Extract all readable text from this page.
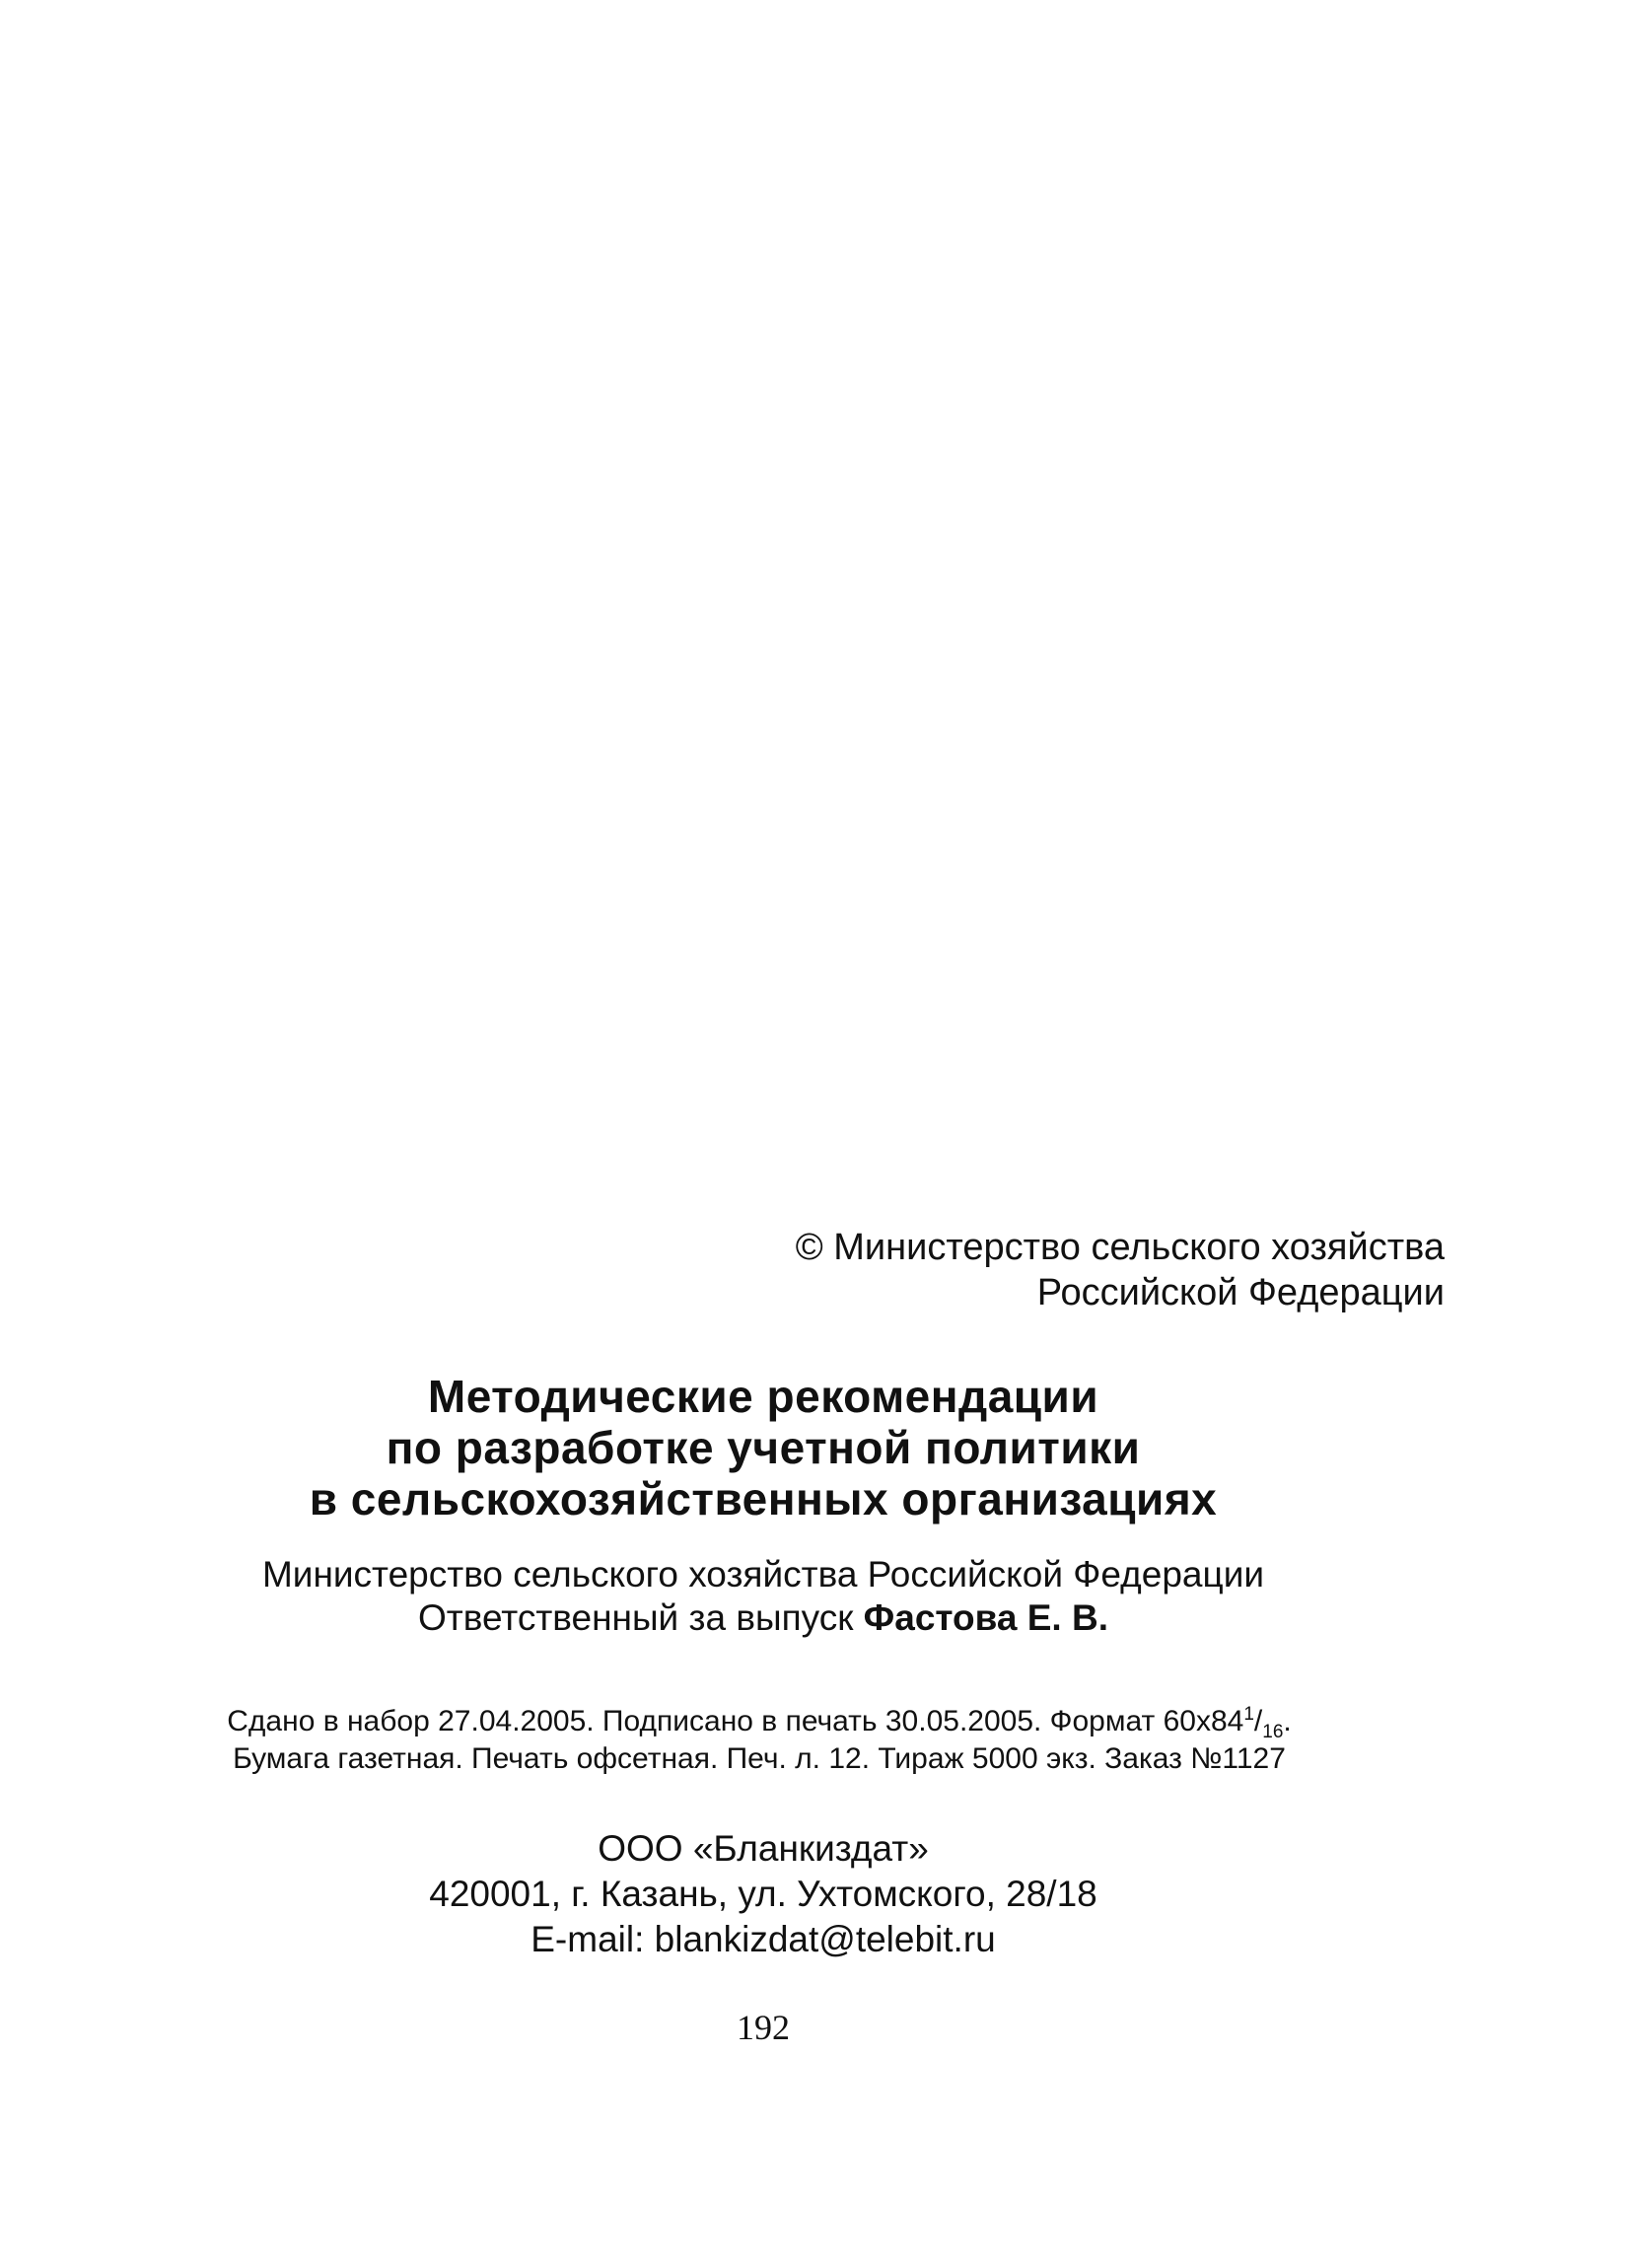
© Министерство сельского хозяйства
Российской Федерации
Методические рекомендации
по разработке учетной политики
в сельскохозяйственных организациях
Министерство сельского хозяйства Российской Федерации
Ответственный за выпуск Фастова Е. В.
Сдано в набор 27.04.2005. Подписано в печать 30.05.2005. Формат $60x84^1/_{16}$.
Бумага газетная. Печать офсетная. Печ. л. 12. Тираж 5000 экз. Заказ №1127
ООО «Бланкиздат»
420001, г. Казань, ул. Ухтомского, 28/18
E-mail: blankizdat@telebit.ru
192
